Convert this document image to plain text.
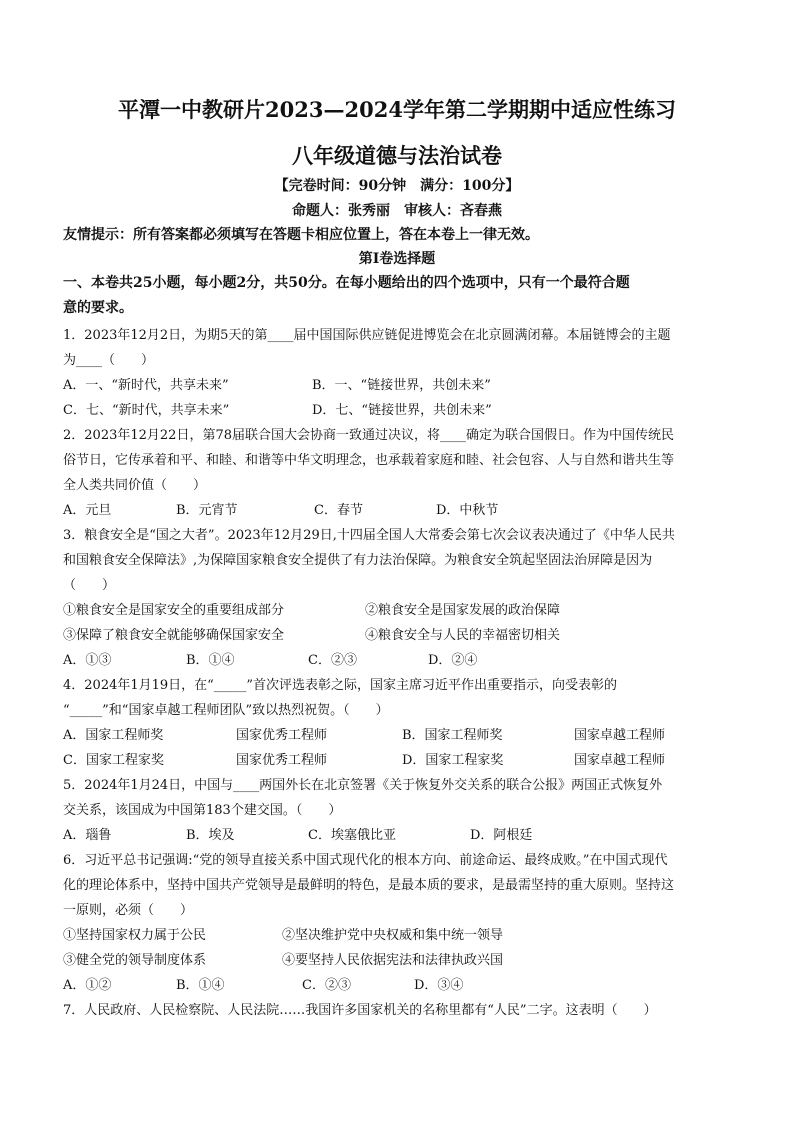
平潭一中教研片2023—2024学年第二学期期中适应性练习
八年级道德与法治试卷
【完卷时间：90分钟　满分：100分】
命题人：张秀丽　审核人：吝春燕
友情提示：所有答案都必须填写在答题卡相应位置上，答在本卷上一律无效。
第Ⅰ卷选择题
一、本卷共25小题，每小题2分，共50分。在每小题给出的四个选项中，只有一个最符合题
意的要求。
1．2023年12月2日，为期5天的第____届中国国际供应链促进博览会在北京圆满闭幕。本届链博会的主题
为____（　　）
A．一、“新时代，共享未来”	B．一、“链接世界，共创未来”
C．七、“新时代，共享未来”	D．七、“链接世界，共创未来”
2．2023年12月22日，第78届联合国大会协商一致通过决议，将____确定为联合国假日。作为中国传统民
俗节日，它传承着和平、和睦、和谐等中华文明理念，也承载着家庭和睦、社会包容、人与自然和谐共生等
全人类共同价值（　　）
A．元旦	B．元宵节	C．春节	D．中秋节
3．粮食安全是“国之大者”。2023年12月29日,十四届全国人大常委会第七次会议表决通过了《中华人民共
和国粮食安全保障法》,为保障国家粮食安全提供了有力法治保障。为粮食安全筑起坚固法治屏障是因为
（　　）
①粮食安全是国家安全的重要组成部分	②粮食安全是国家发展的政治保障
③保障了粮食安全就能够确保国家安全	④粮食安全与人民的幸福密切相关
A．①③	B．①④	C．②③	D．②④
4．2024年1月19日，在“_____”首次评选表彰之际，国家主席习近平作出重要指示，向受表彰的
“_____”和“国家卓越工程师团队”致以热烈祝贺。（　　）
A．国家工程师奖	国家优秀工程师	B．国家工程师奖	国家卓越工程师
C．国家工程家奖	国家优秀工程师	D．国家工程家奖	国家卓越工程师
5．2024年1月24日，中国与____两国外长在北京签署《关于恢复外交关系的联合公报》两国正式恢复外
交关系，该国成为中国第183个建交国。（　　）
A．瑙鲁	B．埃及	C．埃塞俄比亚	D．阿根廷
6．习近平总书记强调:“党的领导直接关系中国式现代化的根本方向、前途命运、最终成败。”在中国式现代
化的理论体系中，坚持中国共产党领导是最鲜明的特色，是最本质的要求，是最需坚持的重大原则。坚持这
一原则，必须（　　）
①坚持国家权力属于公民	②坚决维护党中央权威和集中统一领导
③健全党的领导制度体系	④要坚持人民依据宪法和法律执政兴国
A．①②	B．①④	C．②③	D．③④
7．人民政府、人民检察院、人民法院……我国许多国家机关的名称里都有“人民”二字。这表明（　　）
